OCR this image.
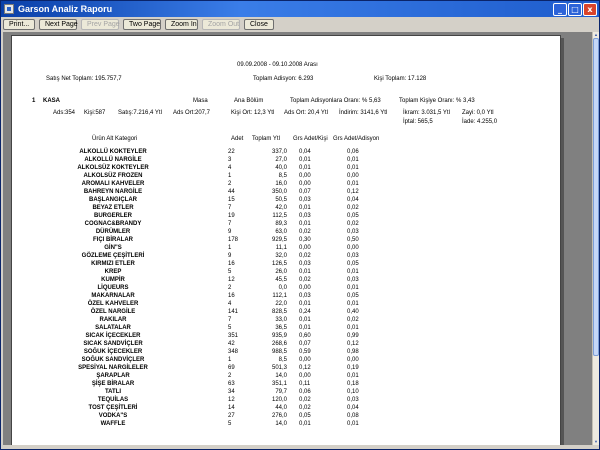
Garson Analiz Raporu	_	□	x
Print...	Next Page	Prev Page	Two Page	Zoom In	Zoom Out	Close
09.09.2008 - 09.10.2008 Arası
Satış Net Toplam: 195.757,7	Toplam Adisyon: 6.293	Kişi Toplam: 17.128
1 KASA	Masa	Ana Bölüm	Toplam Adisyonlara Oranı: % 5,63	Toplam Kişiye Oranı: % 3,43
Ads:354 Kişi:587 Satış:7.216,4 Ytl Ads Ort:207,7	Kişi Ort: 12,3 Ytl Ads Ort: 20,4 Ytl İndirim: 3141,6 Ytl	İkram: 3.031,5 Ytl Zayi: 0,0 Ytl
İptal: 565,5	İade: 4.255,0
Ürün Alt Kategori	Adet Toplam Ytl Grs Adet/Kişi Grs Adet/Adisyon
ALKOLLÜ KOKTEYLER	22	337,0 0,04	0,06
ALKOLLÜ NARGİLE	3	27,0 0,01	0,01
ALKOLSÜZ KOKTEYLER	4	40,0 0,01	0,01
ALKOLSÜZ FROZEN	1	8,5 0,00	0,00
AROMALI KAHVELER	2	16,0 0,00	0,01
BAHREYN NARGİLE	44	350,0 0,07	0,12
BAŞLANGIÇLAR	15	50,5 0,03	0,04
BEYAZ ETLER	7	42,0 0,01	0,02
BURGERLER	19	112,5 0,03	0,05
COGNAC&BRANDY	7	89,3 0,01	0,02
DÜRÜMLER	9	63,0 0,02	0,03
FIÇI BİRALAR	178	929,5 0,30	0,50
GİN"S	1	11,1 0,00	0,00
GÖZLEME ÇEŞİTLERİ	9	32,0 0,02	0,03
KIRMIZI ETLER	16	126,5 0,03	0,05
KREP	5	26,0 0,01	0,01
KUMPİR	12	45,5 0,02	0,03
LİQUEURS	2	0,0 0,00	0,01
MAKARNALAR	16	112,1 0,03	0,05
ÖZEL KAHVELER	4	22,0 0,01	0,01
ÖZEL NARGİLE	141	828,5 0,24	0,40
RAKILAR	7	33,0 0,01	0,02
SALATALAR	5	36,5 0,01	0,01
SICAK İÇECEKLER	351	935,9 0,60	0,99
SICAK SANDVİÇLER	42	268,6 0,07	0,12
SOĞUK İÇECEKLER	348	988,5 0,59	0,98
SOĞUK SANDVİÇLER	1	8,5 0,00	0,00
SPESİYAL NARGİLELER	69	501,3 0,12	0,19
ŞARAPLAR	2	14,0 0,00	0,01
ŞİŞE BİRALAR	63	351,1 0,11	0,18
TATLI	34	79,7 0,06	0,10
TEQUİLAS	12	120,0 0,02	0,03
TOST ÇEŞİTLERİ	14	44,0 0,02	0,04
VODKA"S	27	276,0 0,05	0,08
WAFFLE	5	14,0 0,01	0,01
▲
▼
